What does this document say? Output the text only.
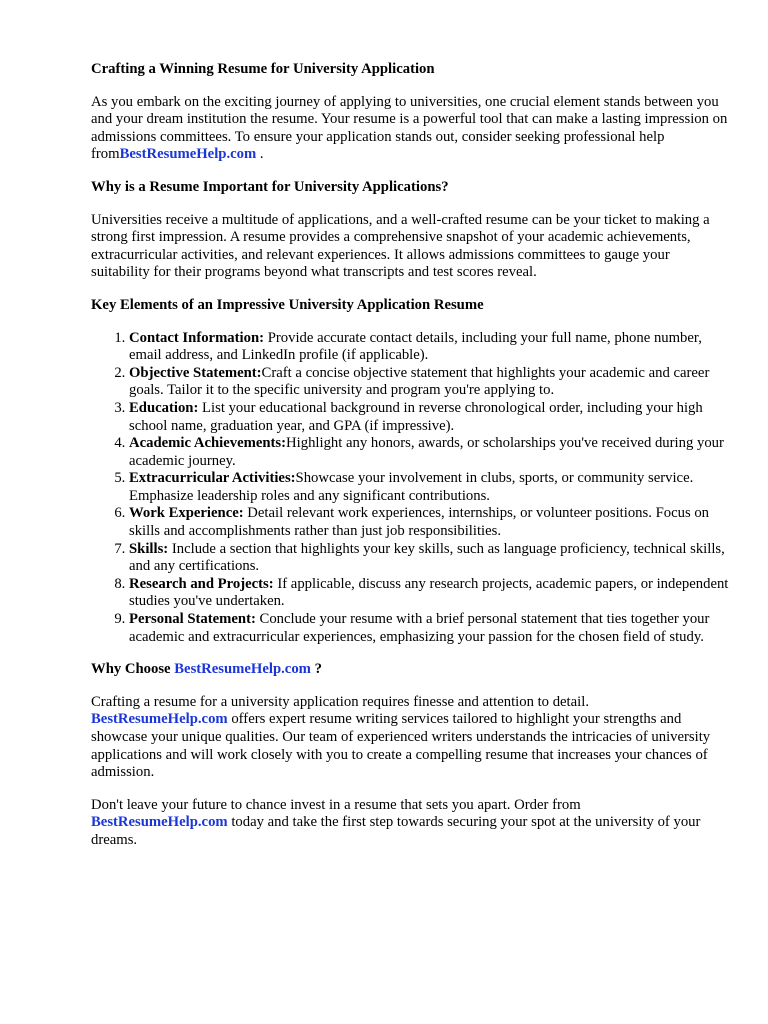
Crafting a Winning Resume for University Application

As you embark on the exciting journey of applying to universities, one crucial element stands between you and your dream institution the resume. Your resume is a powerful tool that can make a lasting impression on admissions committees. To ensure your application stands out, consider seeking professional help fromBestResumeHelp.com .

Why is a Resume Important for University Applications?

Universities receive a multitude of applications, and a well-crafted resume can be your ticket to making a strong first impression. A resume provides a comprehensive snapshot of your academic achievements, extracurricular activities, and relevant experiences. It allows admissions committees to gauge your suitability for their programs beyond what transcripts and test scores reveal.

Key Elements of an Impressive University Application Resume
1. Contact Information: Provide accurate contact details, including your full name, phone number, email address, and LinkedIn profile (if applicable).
2. Objective Statement:Craft a concise objective statement that highlights your academic and career goals. Tailor it to the specific university and program you're applying to.
3. Education: List your educational background in reverse chronological order, including your high school name, graduation year, and GPA (if impressive).
4. Academic Achievements:Highlight any honors, awards, or scholarships you've received during your academic journey.
5. Extracurricular Activities:Showcase your involvement in clubs, sports, or community service. Emphasize leadership roles and any significant contributions.
6. Work Experience: Detail relevant work experiences, internships, or volunteer positions. Focus on skills and accomplishments rather than just job responsibilities.
7. Skills: Include a section that highlights your key skills, such as language proficiency, technical skills, and any certifications.
8. Research and Projects: If applicable, discuss any research projects, academic papers, or independent studies you've undertaken.
9. Personal Statement: Conclude your resume with a brief personal statement that ties together your academic and extracurricular experiences, emphasizing your passion for the chosen field of study.
Why Choose BestResumeHelp.com ?

Crafting a resume for a university application requires finesse and attention to detail.
BestResumeHelp.com offers expert resume writing services tailored to highlight your strengths and showcase your unique qualities. Our team of experienced writers understands the intricacies of university applications and will work closely with you to create a compelling resume that increases your chances of admission.

Don't leave your future to chance invest in a resume that sets you apart. Order from
BestResumeHelp.com today and take the first step towards securing your spot at the university of your dreams.
